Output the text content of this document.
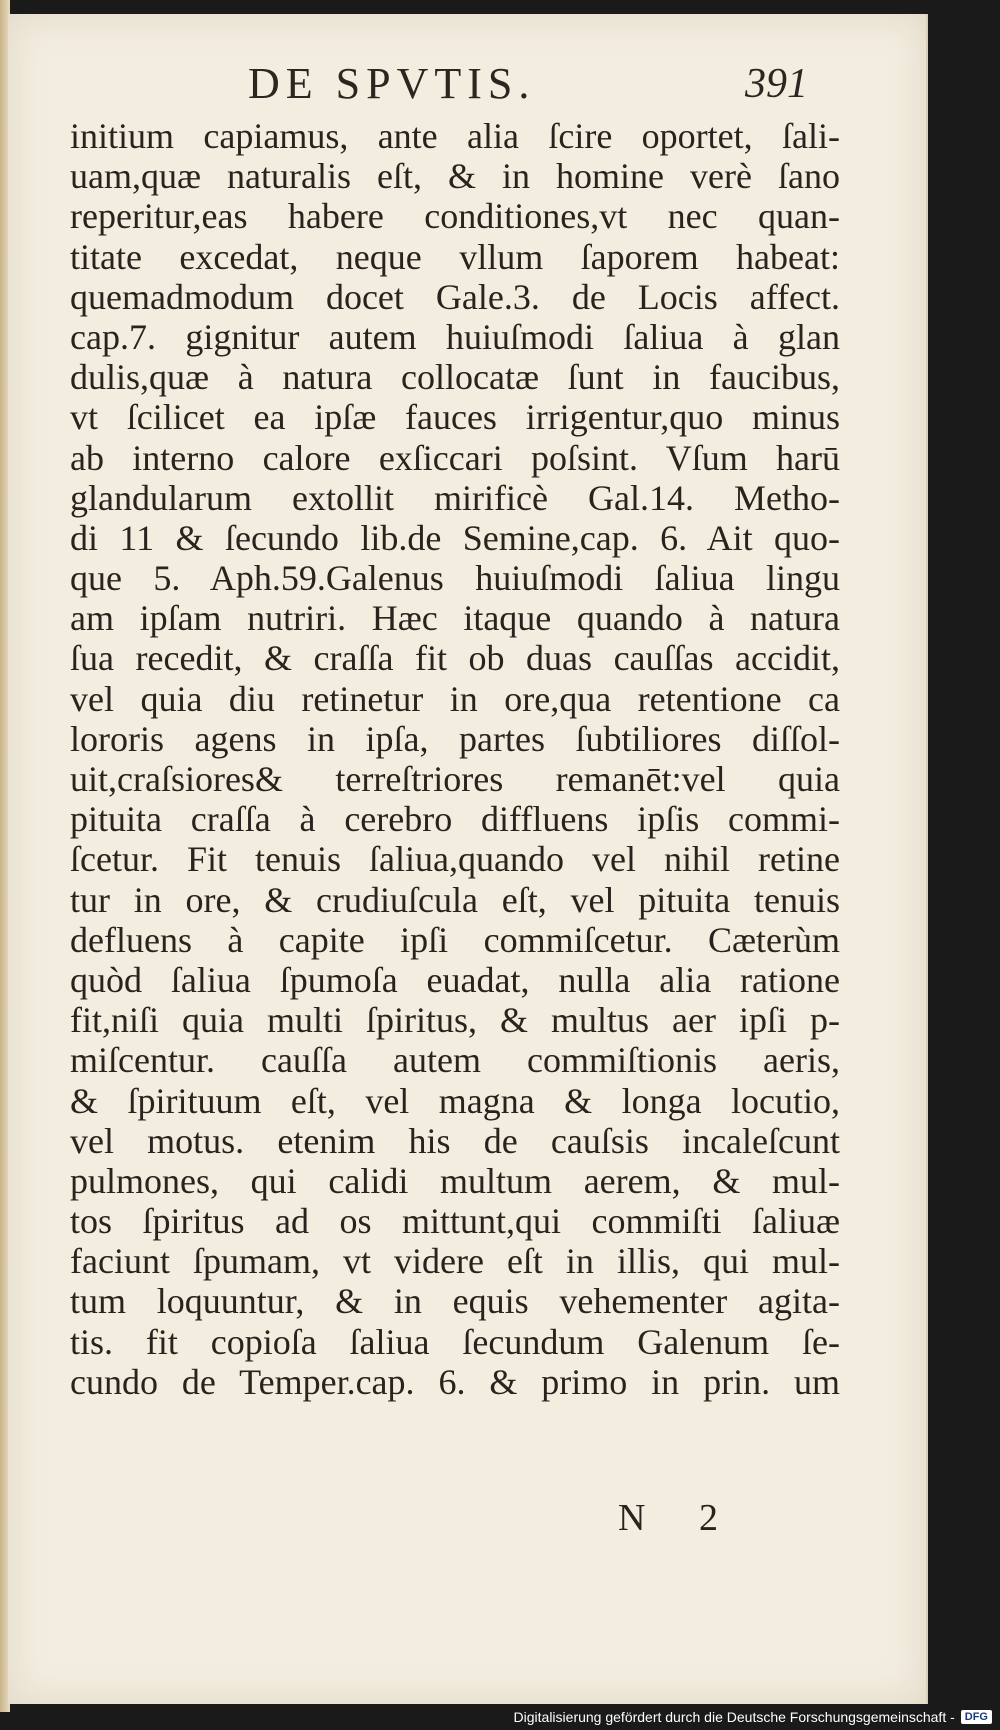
DE SPVTIS.	391
initium capiamus, ante alia ſcire oportet, ſali-
uam,quæ naturalis eſt, & in homine verè ſano
reperitur,eas habere conditiones,vt nec quan-
titate excedat, neque vllum ſaporem habeat:
quemadmodum docet Gale.3. de Locis affect.
cap.7. gignitur autem huiuſmodi ſaliua à glan
dulis,quæ à natura collocatæ ſunt in faucibus,
vt ſcilicet ea ipſæ fauces irrigentur,quo minus
ab interno calore exſiccari poſsint. Vſum harū
glandularum extollit mirificè Gal.14. Metho-
di 11 & ſecundo lib.de Semine,cap. 6. Ait quo-
que 5. Aph.59.Galenus huiuſmodi ſaliua lingu
am ipſam nutriri. Hæc itaque quando à natura
ſua recedit, & craſſa fit ob duas cauſſas accidit,
vel quia diu retinetur in ore,qua retentione ca
lororis agens in ipſa, partes ſubtiliores diſſol-
uit,craſsiores& terreſtriores remanēt:vel quia
pituita craſſa à cerebro diffluens ipſis commi-
ſcetur. Fit tenuis ſaliua,quando vel nihil retine
tur in ore, & crudiuſcula eſt, vel pituita tenuis
defluens à capite ipſi commiſcetur. Cæterùm
quòd ſaliua ſpumoſa euadat, nulla alia ratione
fit,niſi quia multi ſpiritus, & multus aer ipſi p-
miſcentur. cauſſa autem commiſtionis aeris,
& ſpirituum eſt, vel magna & longa locutio,
vel motus. etenim his de cauſsis incaleſcunt
pulmones, qui calidi multum aerem, & mul-
tos ſpiritus ad os mittunt,qui commiſti ſaliuæ
faciunt ſpumam, vt videre eſt in illis, qui mul-
tum loquuntur, & in equis vehementer agita-
tis. fit copioſa ſaliua ſecundum Galenum ſe-
cundo de Temper.cap. 6. & primo in prin. um
N 2
Digitalisierung gefördert durch die Deutsche Forschungsgemeinschaft - DFG
